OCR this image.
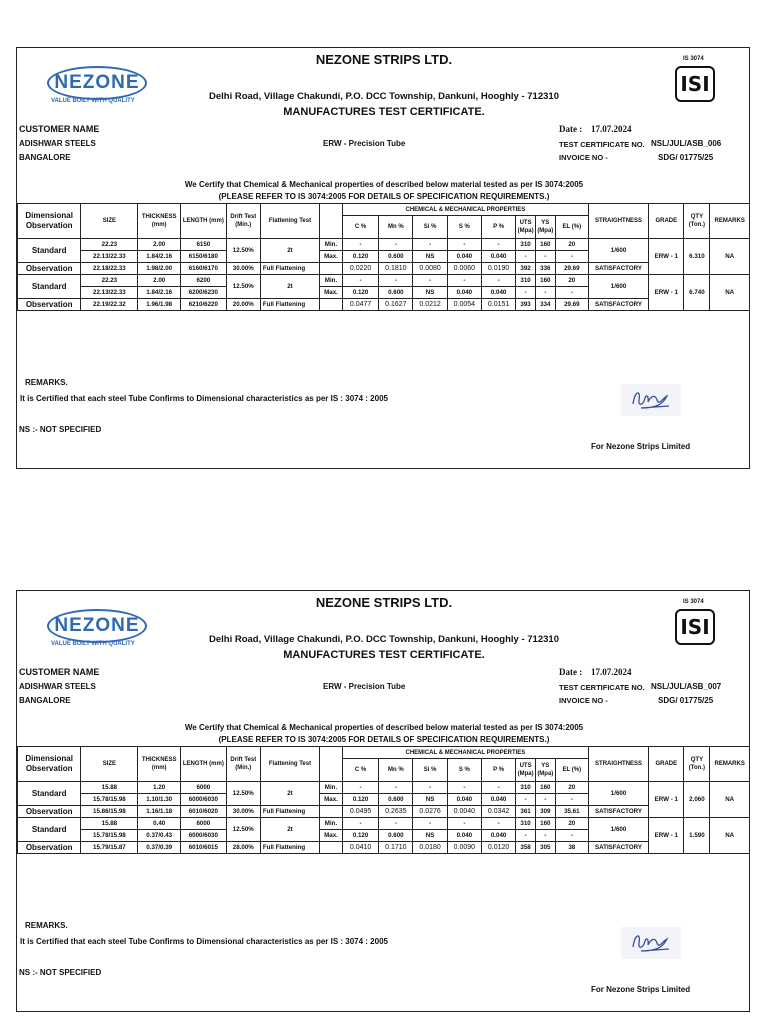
NEZONE
VALUE BUILT WITH QUALITY
NEZONE STRIPS LTD.
Delhi Road, Village Chakundi, P.O. DCC Township, Dankuni, Hooghly - 712310
MANUFACTURES TEST CERTIFICATE.
IS 3074
ISI
CUSTOMER NAME
ADISHWAR STEELS
BANGALORE
ERW - Precision Tube
Date : 17.07.2024
TEST CERTIFICATE NO. NSL/JUL/ASB_006
INVOICE NO -	SDG/ 01775/25
We Certify that Chemical & Mechanical properties of described below material tested as per IS 3074:2005
(PLEASE REFER TO IS 3074:2005 FOR DETAILS OF SPECIFICATION REQUIREMENTS.)
Dimensional Observation	SIZE	THICKNESS (mm)	LENGTH (mm)	Drift Test (Min.)	Flattening Test		CHEMICAL & MECHANICAL PROPERTIES								STRAIGHTNESS	GRADE	QTY (Ton.)	REMARKS
							C %	Mn %	Si %	S %	P %	UTS (Mpa)	YS (Mpa)	EL (%)				
Standard	22.23	2.00	6150	12.50%	2t	Min.	-	-	-	-	-	310	160	20	1/600	ERW - 1	6.310	NA
	22.13/22.33	1.84/2.16	6150/6180			Max.	0.120	0.600	NS	0.040	0.040	-	-	-				
Observation	22.18/22.33	1.98/2.00	6160/6170	30.00%	Full Flattening		0.0220	0.1810	0.0080	0.0060	0.0190	392	336	29.69	SATISFACTORY			
Standard	22.23	2.00	6200	12.50%	2t	Min.	-	-	-	-	-	310	160	20	1/600	ERW - 1	6.740	NA
	22.13/22.33	1.84/2.16	6200/6230			Max.	0.120	0.600	NS	0.040	0.040	-	-	-				
Observation	22.19/22.32	1.96/1.98	6210/6220	20.00%	Full Flattening		0.0477	0.1627	0.0212	0.0054	0.0151	393	334	29.69	SATISFACTORY			
REMARKS.
It is Certified that each steel Tube Confirms to Dimensional characteristics as per IS : 3074 : 2005
NS :- NOT SPECIFIED
For Nezone Strips Limited
NEZONE
VALUE BUILT WITH QUALITY
NEZONE STRIPS LTD.
Delhi Road, Village Chakundi, P.O. DCC Township, Dankuni, Hooghly - 712310
MANUFACTURES TEST CERTIFICATE.
IS 3074
ISI
CUSTOMER NAME
ADISHWAR STEELS
BANGALORE
ERW - Precision Tube
Date : 17.07.2024
TEST CERTIFICATE NO. NSL/JUL/ASB_007
INVOICE NO -	SDG/ 01775/25
We Certify that Chemical & Mechanical properties of described below material tested as per IS 3074:2005
(PLEASE REFER TO IS 3074:2005 FOR DETAILS OF SPECIFICATION REQUIREMENTS.)
Dimensional Observation	SIZE	THICKNESS (mm)	LENGTH (mm)	Drift Test (Min.)	Flattening Test		CHEMICAL & MECHANICAL PROPERTIES								STRAIGHTNESS	GRADE	QTY (Ton.)	REMARKS
							C %	Mn %	Si %	S %	P %	UTS (Mpa)	YS (Mpa)	EL (%)				
Standard	15.88	1.20	6000	12.50%	2t	Min.	-	-	-	-	-	310	160	20	1/600	ERW - 1	2.060	NA
	15.78/15.98	1.10/1.30	6000/6030			Max.	0.120	0.600	NS	0.040	0.040	-	-	-				
Observation	15.86/15.98	1.16/1.18	6010/6020	30.00%	Full Flattening		0.0495	0.2635	0.0276	0.0040	0.0342	361	309	35.61	SATISFACTORY			
Standard	15.88	0.40	6000	12.50%	2t	Min.	-	-	-	-	-	310	160	20	1/600	ERW - 1	1.590	NA
	15.78/15.98	0.37/0.43	6000/6030			Max.	0.120	0.600	NS	0.040	0.040	-	-	-				
Observation	15.79/15.87	0.37/0.39	6010/6015	28.00%	Full Flattening		0.0410	0.1710	0.0180	0.0090	0.0120	358	305	38	SATISFACTORY			
REMARKS.
It is Certified that each steel Tube Confirms to Dimensional characteristics as per IS : 3074 : 2005
NS :- NOT SPECIFIED
For Nezone Strips Limited
